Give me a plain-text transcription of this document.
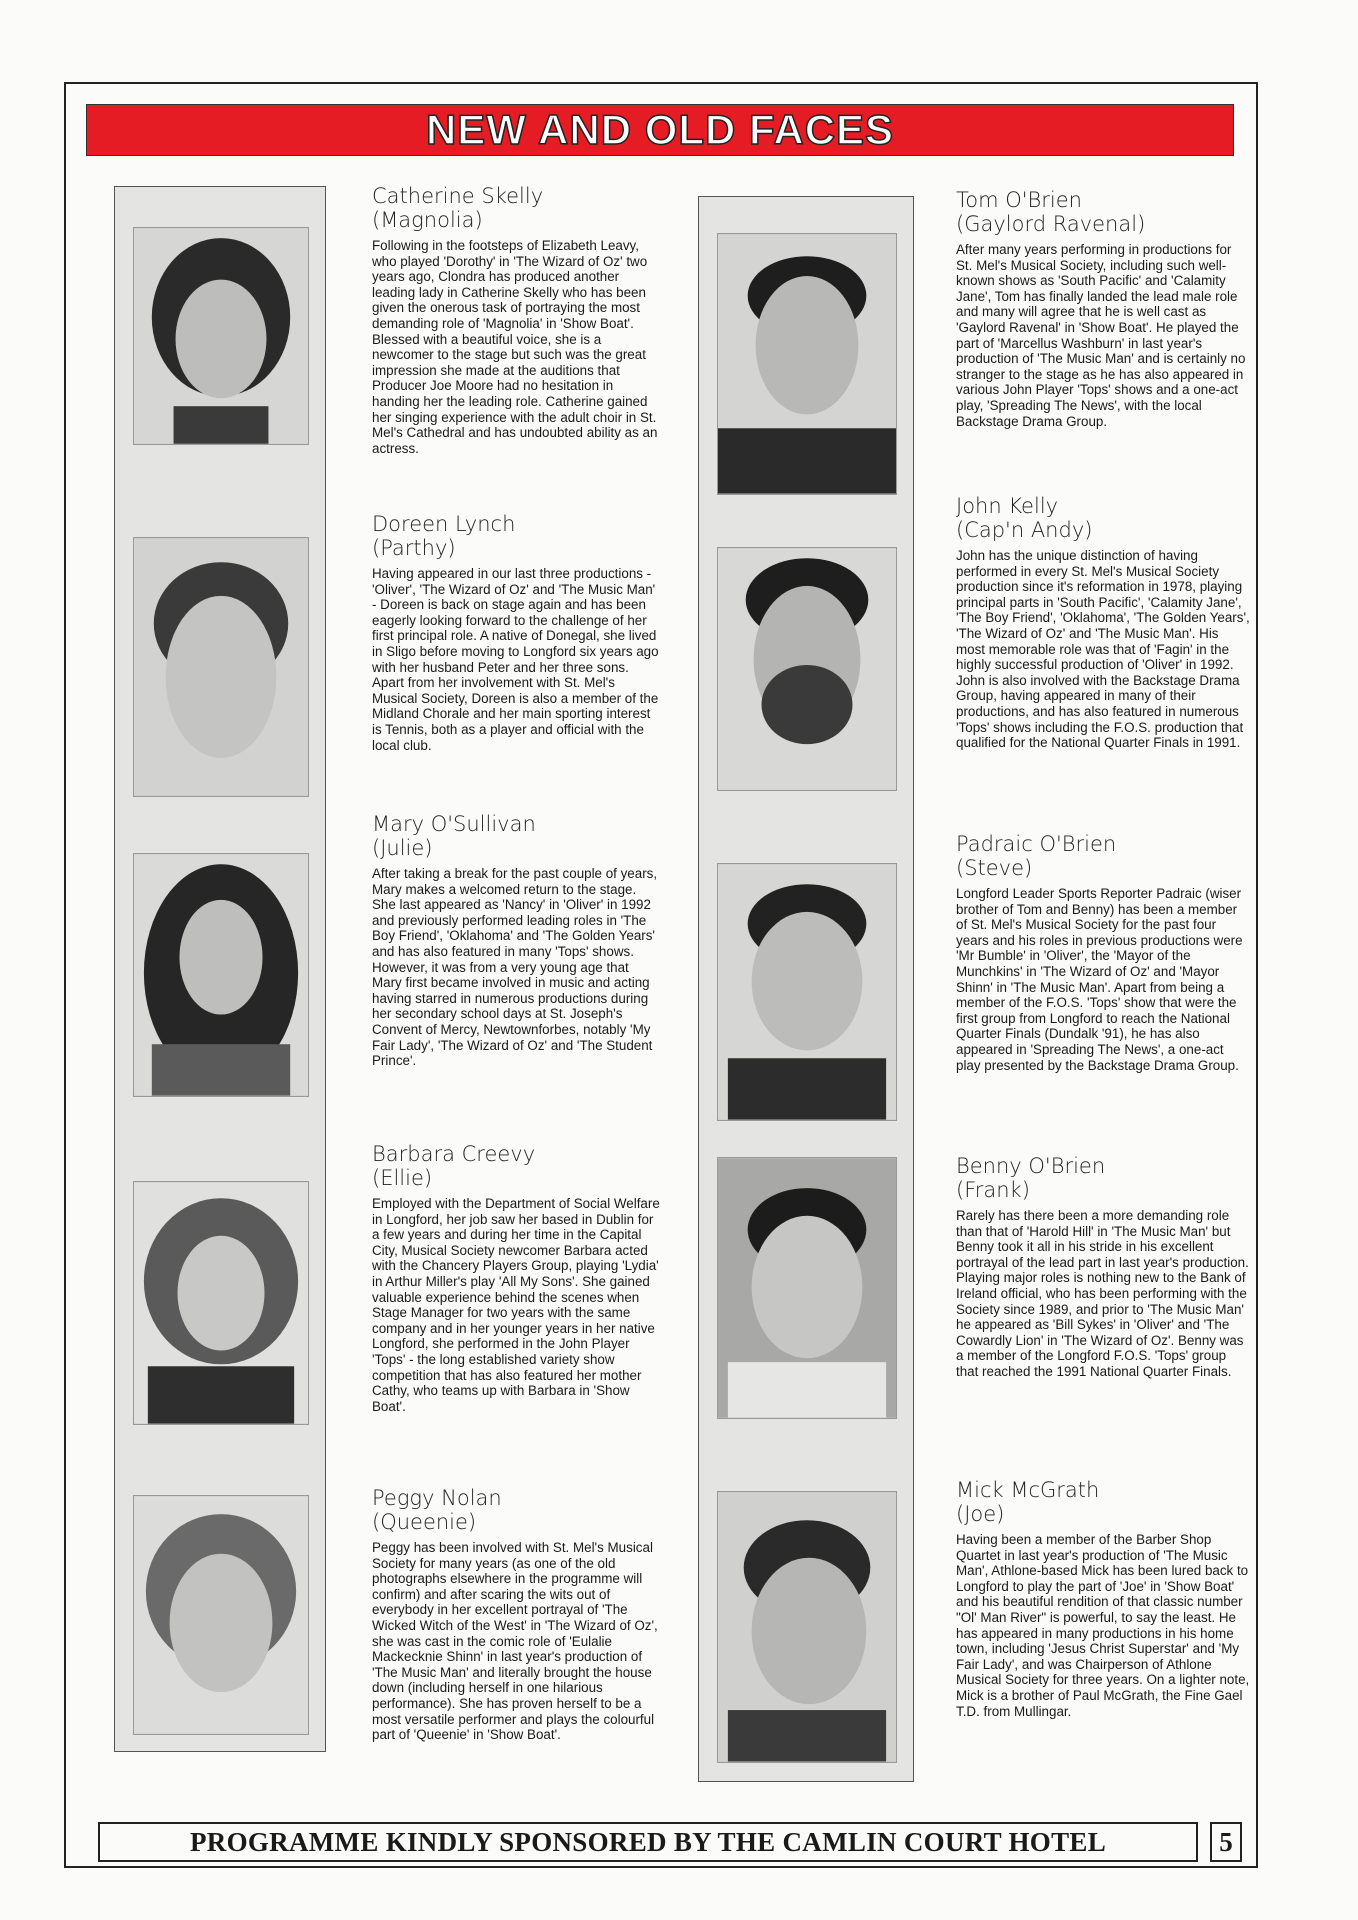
NEW AND OLD FACES
Catherine Skelly
(Magnolia)
Following in the footsteps of Elizabeth Leavy, who played 'Dorothy' in 'The Wizard of Oz' two years ago, Clondra has produced another leading lady in Catherine Skelly who has been given the onerous task of portraying the most demanding role of 'Magnolia' in 'Show Boat'. Blessed with a beautiful voice, she is a newcomer to the stage but such was the great impression she made at the auditions that Producer Joe Moore had no hesitation in handing her the leading role. Catherine gained her singing experience with the adult choir in St. Mel's Cathedral and has undoubted ability as an actress.
Doreen Lynch
(Parthy)
Having appeared in our last three productions - 'Oliver', 'The Wizard of Oz' and 'The Music Man' - Doreen is back on stage again and has been eagerly looking forward to the challenge of her first principal role. A native of Donegal, she lived in Sligo before moving to Longford six years ago with her husband Peter and her three sons. Apart from her involvement with St. Mel's Musical Society, Doreen is also a member of the Midland Chorale and her main sporting interest is Tennis, both as a player and official with the local club.
Mary O'Sullivan
(Julie)
After taking a break for the past couple of years, Mary makes a welcomed return to the stage. She last appeared as 'Nancy' in 'Oliver' in 1992 and previously performed leading roles in 'The Boy Friend', 'Oklahoma' and 'The Golden Years' and has also featured in many 'Tops' shows. However, it was from a very young age that Mary first became involved in music and acting having starred in numerous productions during her secondary school days at St. Joseph's Convent of Mercy, Newtownforbes, notably 'My Fair Lady', 'The Wizard of Oz' and 'The Student Prince'.
Barbara Creevy
(Ellie)
Employed with the Department of Social Welfare in Longford, her job saw her based in Dublin for a few years and during her time in the Capital City, Musical Society newcomer Barbara acted with the Chancery Players Group, playing 'Lydia' in Arthur Miller's play 'All My Sons'. She gained valuable experience behind the scenes when Stage Manager for two years with the same company and in her younger years in her native Longford, she performed in the John Player 'Tops' - the long established variety show competition that has also featured her mother Cathy, who teams up with Barbara in 'Show Boat'.
Peggy Nolan
(Queenie)
Peggy has been involved with St. Mel's Musical Society for many years (as one of the old photographs elsewhere in the programme will confirm) and after scaring the wits out of everybody in her excellent portrayal of 'The Wicked Witch of the West' in 'The Wizard of Oz', she was cast in the comic role of 'Eulalie Mackecknie Shinn' in last year's production of 'The Music Man' and literally brought the house down (including herself in one hilarious performance). She has proven herself to be a most versatile performer and plays the colourful part of 'Queenie' in 'Show Boat'.
Tom O'Brien
(Gaylord Ravenal)
After many years performing in productions for St. Mel's Musical Society, including such well-known shows as 'South Pacific' and 'Calamity Jane', Tom has finally landed the lead male role and many will agree that he is well cast as 'Gaylord Ravenal' in 'Show Boat'. He played the part of 'Marcellus Washburn' in last year's production of 'The Music Man' and is certainly no stranger to the stage as he has also appeared in various John Player 'Tops' shows and a one-act play, 'Spreading The News', with the local Backstage Drama Group.
John Kelly
(Cap'n Andy)
John has the unique distinction of having performed in every St. Mel's Musical Society production since it's reformation in 1978, playing principal parts in 'South Pacific', 'Calamity Jane', 'The Boy Friend', 'Oklahoma', 'The Golden Years', 'The Wizard of Oz' and 'The Music Man'. His most memorable role was that of 'Fagin' in the highly successful production of 'Oliver' in 1992. John is also involved with the Backstage Drama Group, having appeared in many of their productions, and has also featured in numerous 'Tops' shows including the F.O.S. production that qualified for the National Quarter Finals in 1991.
Padraic O'Brien
(Steve)
Longford Leader Sports Reporter Padraic (wiser brother of Tom and Benny) has been a member of St. Mel's Musical Society for the past four years and his roles in previous productions were 'Mr Bumble' in 'Oliver', the 'Mayor of the Munchkins' in 'The Wizard of Oz' and 'Mayor Shinn' in 'The Music Man'. Apart from being a member of the F.O.S. 'Tops' show that were the first group from Longford to reach the National Quarter Finals (Dundalk '91), he has also appeared in 'Spreading The News', a one-act play presented by the Backstage Drama Group.
Benny O'Brien
(Frank)
Rarely has there been a more demanding role than that of 'Harold Hill' in 'The Music Man' but Benny took it all in his stride in his excellent portrayal of the lead part in last year's production. Playing major roles is nothing new to the Bank of Ireland official, who has been performing with the Society since 1989, and prior to 'The Music Man' he appeared as 'Bill Sykes' in 'Oliver' and 'The Cowardly Lion' in 'The Wizard of Oz'. Benny was a member of the Longford F.O.S. 'Tops' group that reached the 1991 National Quarter Finals.
Mick McGrath
(Joe)
Having been a member of the Barber Shop Quartet in last year's production of 'The Music Man', Athlone-based Mick has been lured back to Longford to play the part of 'Joe' in 'Show Boat' and his beautiful rendition of that classic number "Ol' Man River" is powerful, to say the least. He has appeared in many productions in his home town, including 'Jesus Christ Superstar' and 'My Fair Lady', and was Chairperson of Athlone Musical Society for three years. On a lighter note, Mick is a brother of Paul McGrath, the Fine Gael T.D. from Mullingar.
PROGRAMME KINDLY SPONSORED BY THE CAMLIN COURT HOTEL	5
